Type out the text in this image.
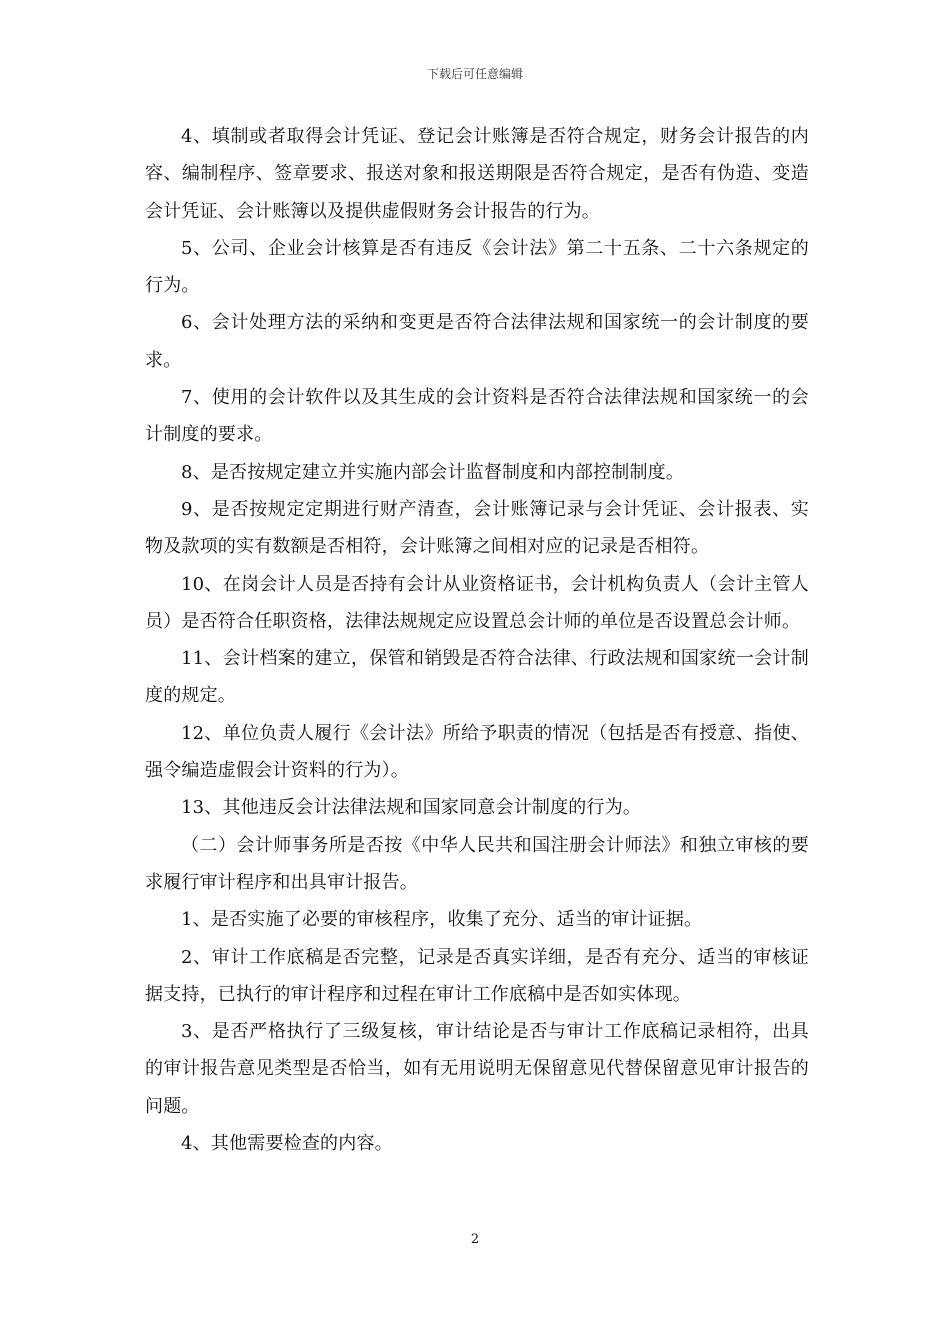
下载后可任意编辑

4、填制或者取得会计凭证、登记会计账簿是否符合规定，财务会计报告的内容、编制程序、签章要求、报送对象和报送期限是否符合规定，是否有伪造、变造会计凭证、会计账簿以及提供虚假财务会计报告的行为。

5、公司、企业会计核算是否有违反《会计法》第二十五条、二十六条规定的行为。

6、会计处理方法的采纳和变更是否符合法律法规和国家统一的会计制度的要求。

7、使用的会计软件以及其生成的会计资料是否符合法律法规和国家统一的会计制度的要求。

8、是否按规定建立并实施内部会计监督制度和内部控制制度。

9、是否按规定定期进行财产清查，会计账簿记录与会计凭证、会计报表、实物及款项的实有数额是否相符，会计账簿之间相对应的记录是否相符。

10、在岗会计人员是否持有会计从业资格证书，会计机构负责人（会计主管人员）是否符合任职资格，法律法规规定应设置总会计师的单位是否设置总会计师。

11、会计档案的建立，保管和销毁是否符合法律、行政法规和国家统一会计制度的规定。

12、单位负责人履行《会计法》所给予职责的情况（包括是否有授意、指使、强令编造虚假会计资料的行为）。

13、其他违反会计法律法规和国家同意会计制度的行为。

（二）会计师事务所是否按《中华人民共和国注册会计师法》和独立审核的要求履行审计程序和出具审计报告。

1、是否实施了必要的审核程序，收集了充分、适当的审计证据。

2、审计工作底稿是否完整，记录是否真实详细，是否有充分、适当的审核证据支持，已执行的审计程序和过程在审计工作底稿中是否如实体现。

3、是否严格执行了三级复核，审计结论是否与审计工作底稿记录相符，出具的审计报告意见类型是否恰当，如有无用说明无保留意见代替保留意见审计报告的问题。

4、其他需要检查的内容。

2
